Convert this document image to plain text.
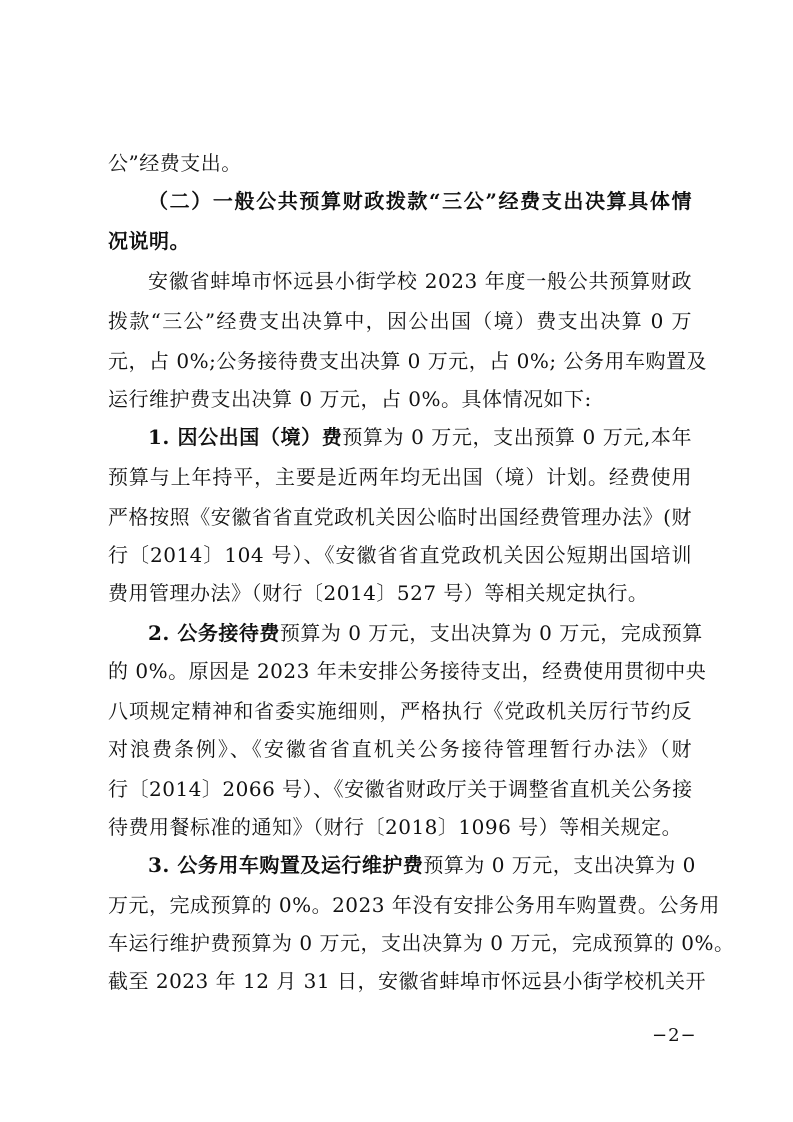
公”经费支出。
（二）一般公共预算财政拨款“三公”经费支出决算具体情
况说明。
安徽省蚌埠市怀远县小街学校 2023 年度一般公共预算财政
拨款“三公”经费支出决算中，因公出国（境）费支出决算 0 万
元，占 0%;公务接待费支出决算 0 万元，占 0%; 公务用车购置及
运行维护费支出决算 0 万元，占 0%。具体情况如下:
1. 因公出国（境）费预算为 0 万元，支出预算 0 万元,本年
预算与上年持平，主要是近两年均无出国（境）计划。经费使用
严格按照《安徽省省直党政机关因公临时出国经费管理办法》(财
行〔2014〕104 号）、《安徽省省直党政机关因公短期出国培训
费用管理办法》（财行〔2014〕527 号）等相关规定执行。
2. 公务接待费预算为 0 万元，支出决算为 0 万元，完成预算
的 0%。原因是 2023 年未安排公务接待支出，经费使用贯彻中央
八项规定精神和省委实施细则，严格执行《党政机关厉行节约反
对浪费条例》、《安徽省省直机关公务接待管理暂行办法》（财
行〔2014〕2066 号）、《安徽省财政厅关于调整省直机关公务接
待费用餐标准的通知》（财行〔2018〕1096 号）等相关规定。
3. 公务用车购置及运行维护费预算为 0 万元，支出决算为 0
万元，完成预算的 0%。2023 年没有安排公务用车购置费。公务用
车运行维护费预算为 0 万元，支出决算为 0 万元，完成预算的 0%。
截至 2023 年 12 月 31 日，安徽省蚌埠市怀远县小街学校机关开
−2−
